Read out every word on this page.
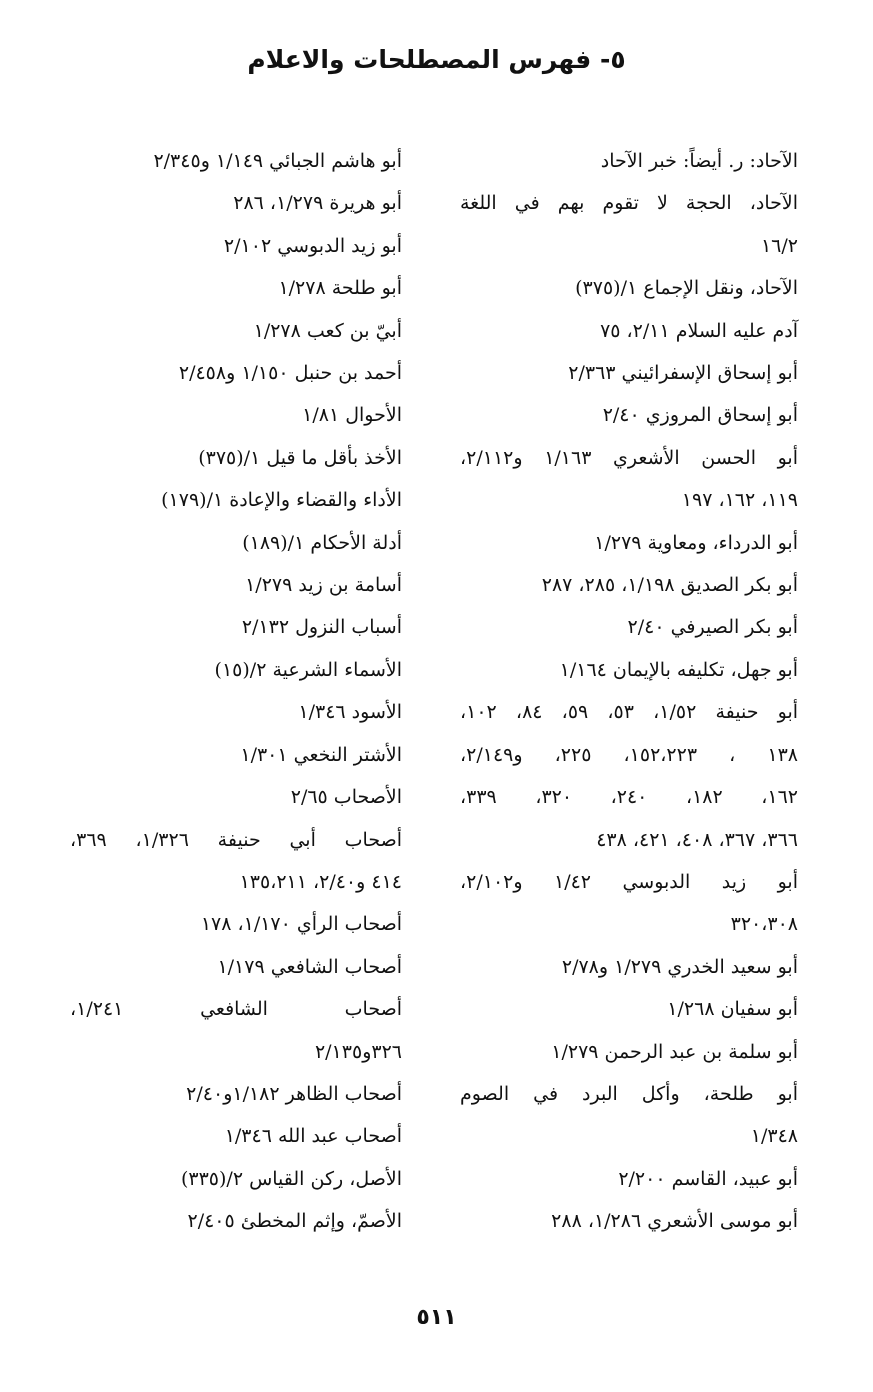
٥- فهرس المصطلحات والاعلام
الآحاد: ر. أيضاً: خبر الآحاد
الآحاد، الحجة لا تقوم بهم في اللغة
١٦/٢
الآحاد، ونقل الإجماع ١/(٣٧٥)
آدم عليه السلام ٢/١١، ٧٥
أبو إسحاق الإسفرائيني ٢/٣٦٣
أبو إسحاق المروزي ٢/٤٠
أبو الحسن الأشعري ١/١٦٣ و٢/١١٢،
١١٩، ١٦٢، ١٩٧
أبو الدرداء، ومعاوية ١/٢٧٩
أبو بكر الصديق ١/١٩٨، ٢٨٥، ٢٨٧
أبو بكر الصيرفي ٢/٤٠
أبو جهل، تكليفه بالإيمان ١/١٦٤
أبو حنيفة ١/٥٢، ٥٣، ٥٩، ٨٤، ١٠٢،
١٣٨ ، ١٥٢،٢٢٣، ٢٢٥، و٢/١٤٩،
١٦٢، ١٨٢، ٢٤٠، ٣٢٠، ٣٣٩،
٣٦٦، ٣٦٧، ٤٠٨، ٤٢١، ٤٣٨
أبو زيد الدبوسي ١/٤٢ و٢/١٠٢،
٣٢٠،٣٠٨
أبو سعيد الخدري ١/٢٧٩ و٢/٧٨
أبو سفيان ١/٢٦٨
أبو سلمة بن عبد الرحمن ١/٢٧٩
أبو طلحة، وأكل البرد في الصوم
١/٣٤٨
أبو عبيد، القاسم ٢/٢٠٠
أبو موسى الأشعري ١/٢٨٦، ٢٨٨
أبو هاشم الجبائي ١/١٤٩ و٢/٣٤٥
أبو هريرة ١/٢٧٩، ٢٨٦
أبو زيد الدبوسي ٢/١٠٢
أبو طلحة ١/٢٧٨
أبيّ بن كعب ١/٢٧٨
أحمد بن حنبل ١/١٥٠ و٢/٤٥٨
الأحوال ١/٨١
الأخذ بأقل ما قيل ١/(٣٧٥)
الأداء والقضاء والإعادة ١/(١٧٩)
أدلة الأحكام ١/(١٨٩)
أسامة بن زيد ١/٢٧٩
أسباب النزول ٢/١٣٢
الأسماء الشرعية ٢/(١٥)
الأسود ١/٣٤٦
الأشتر النخعي ١/٣٠١
الأصحاب ٢/٦٥
أصحاب أبي حنيفة ١/٣٢٦، ٣٦٩،
٤١٤ و٢/٤٠، ١٣٥،٢١١
أصحاب الرأي ١/١٧٠، ١٧٨
أصحاب الشافعي ١/١٧٩
أصحاب الشافعي ١/٢٤١،
٣٢٦و٢/١٣٥
أصحاب الظاهر ١/١٨٢و٢/٤٠
أصحاب عبد الله ١/٣٤٦
الأصل، ركن القياس ٢/(٣٣٥)
الأصمّ، وإثم المخطئ ٢/٤٠٥
٥١١
